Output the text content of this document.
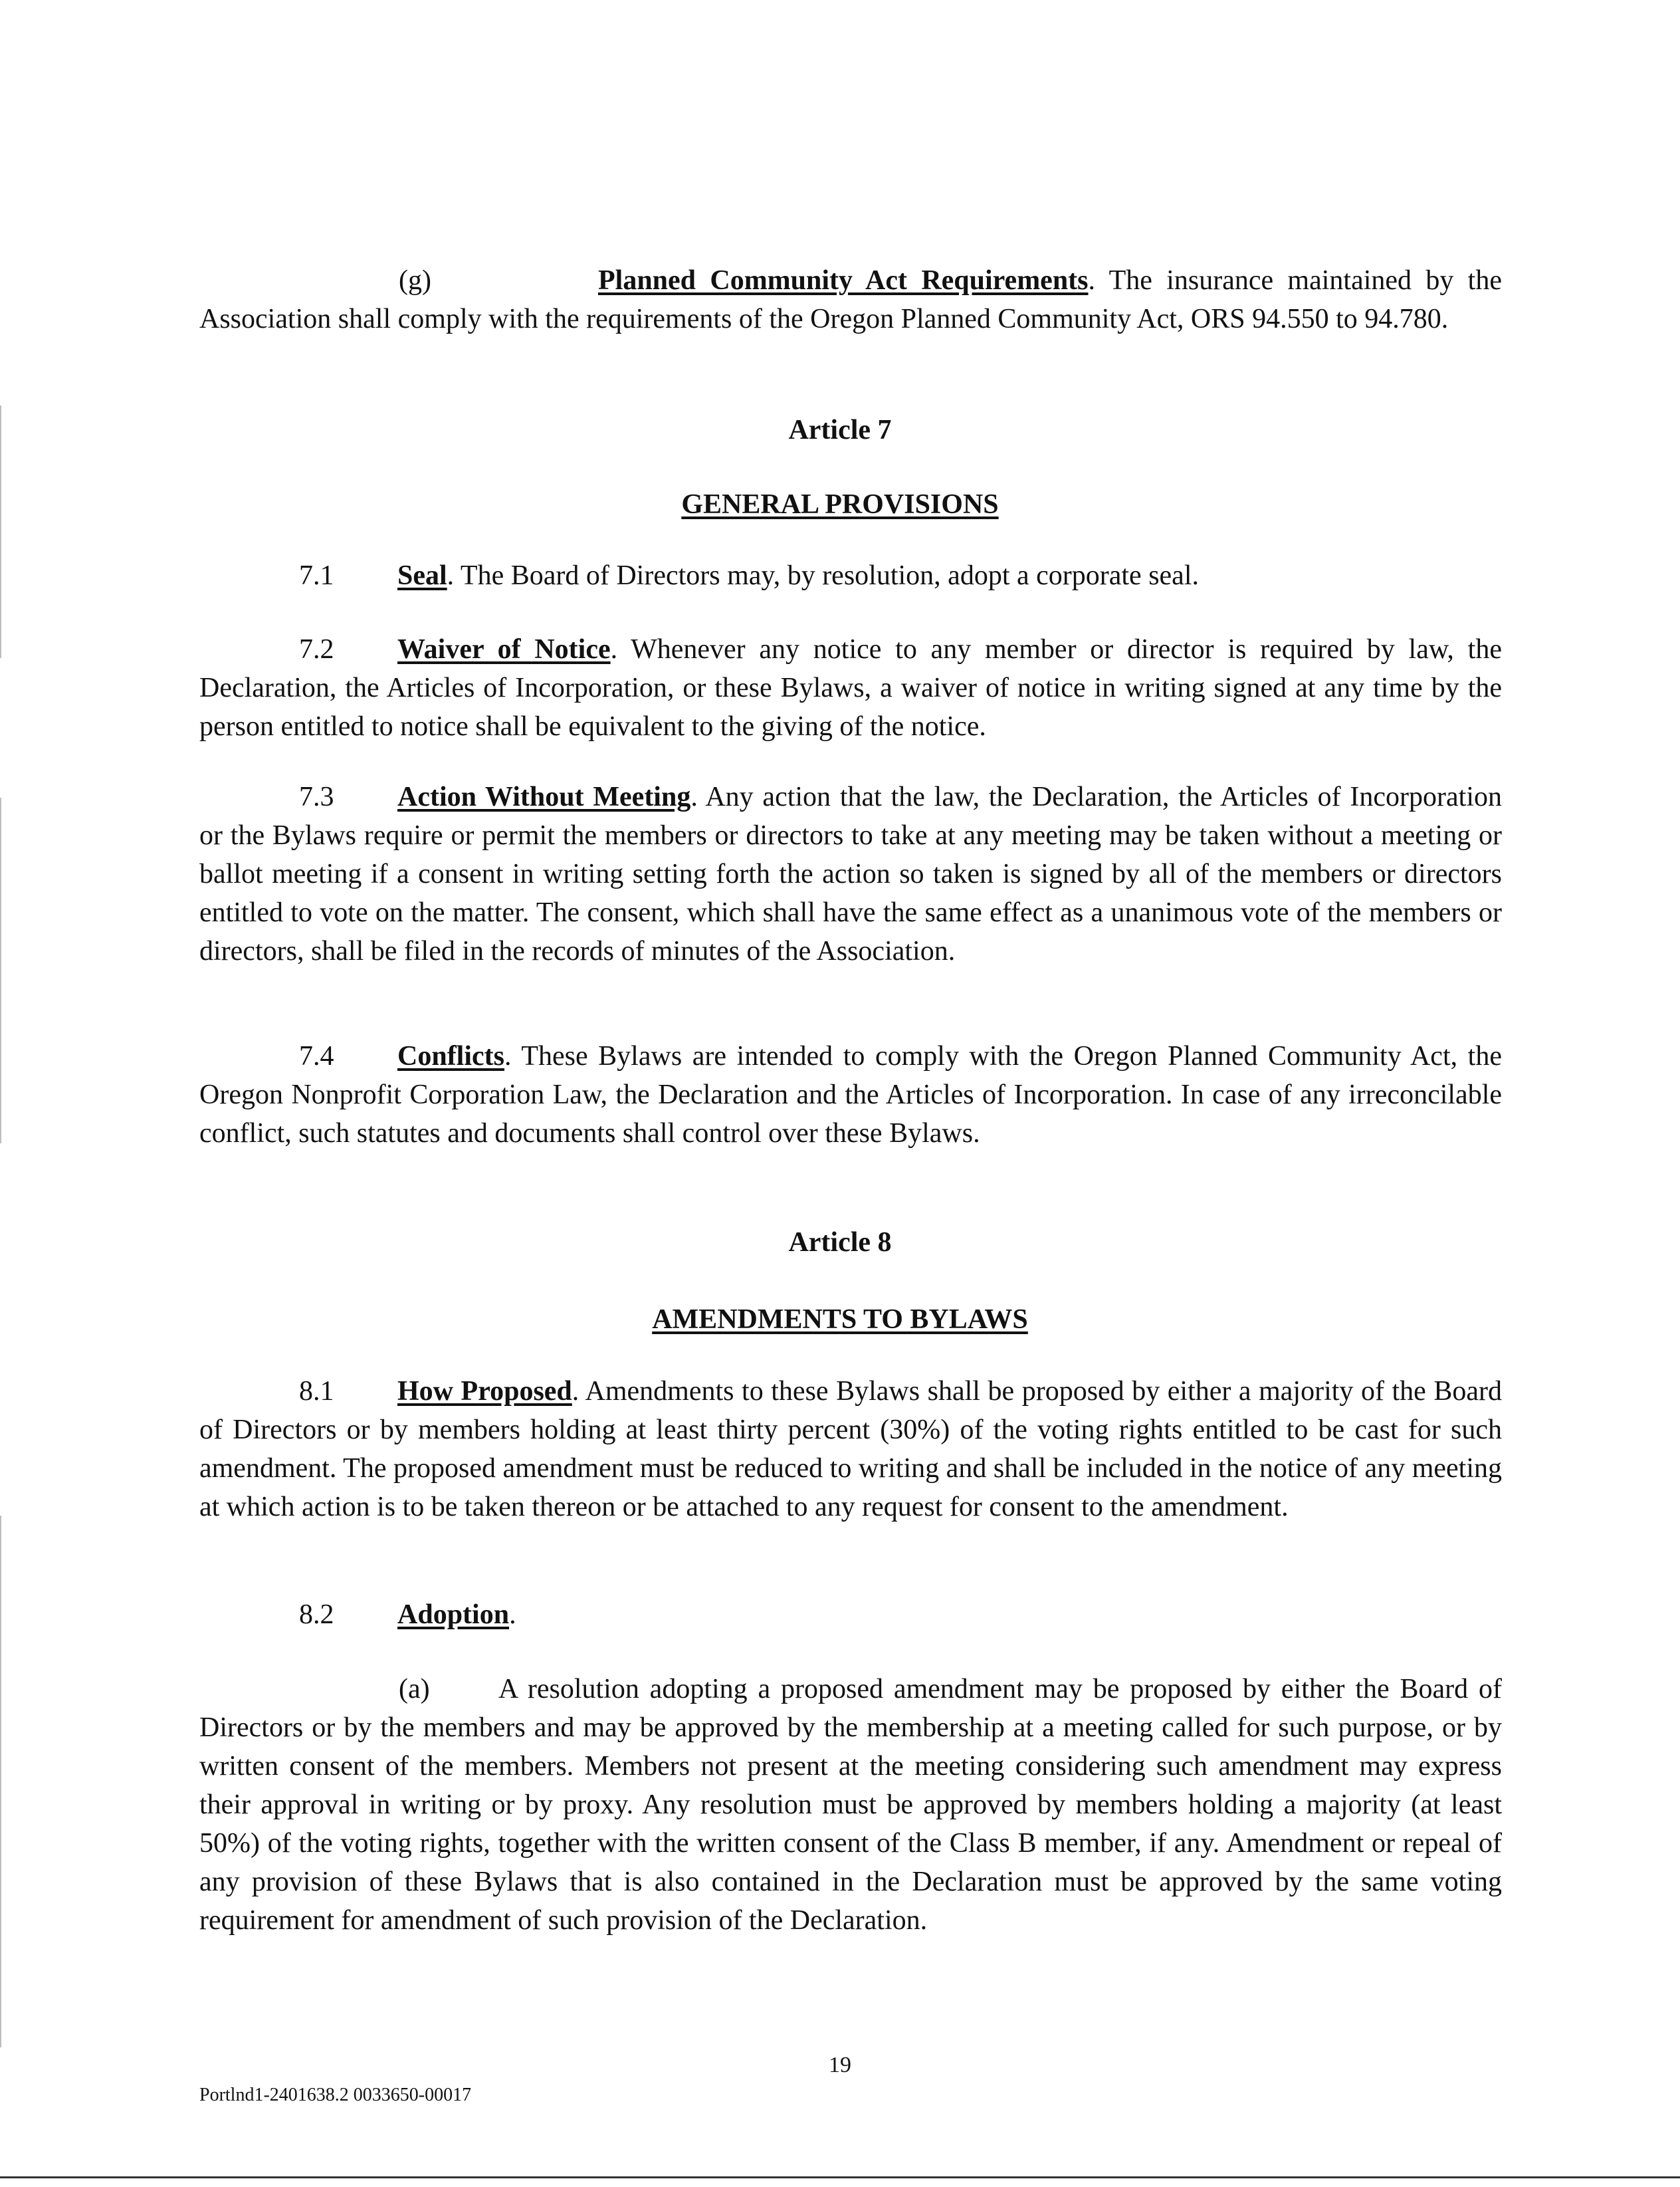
(g)	Planned Community Act Requirements. The insurance maintained by the Association shall comply with the requirements of the Oregon Planned Community Act, ORS 94.550 to 94.780.

Article 7
GENERAL PROVISIONS

7.1 Seal. The Board of Directors may, by resolution, adopt a corporate seal.

7.2 Waiver of Notice. Whenever any notice to any member or director is required by law, the Declaration, the Articles of Incorporation, or these Bylaws, a waiver of notice in writing signed at any time by the person entitled to notice shall be equivalent to the giving of the notice.

7.3 Action Without Meeting. Any action that the law, the Declaration, the Articles of Incorporation or the Bylaws require or permit the members or directors to take at any meeting may be taken without a meeting or ballot meeting if a consent in writing setting forth the action so taken is signed by all of the members or directors entitled to vote on the matter. The consent, which shall have the same effect as a unanimous vote of the members or directors, shall be filed in the records of minutes of the Association.

7.4 Conflicts. These Bylaws are intended to comply with the Oregon Planned Community Act, the Oregon Nonprofit Corporation Law, the Declaration and the Articles of Incorporation. In case of any irreconcilable conflict, such statutes and documents shall control over these Bylaws.

Article 8
AMENDMENTS TO BYLAWS

8.1 How Proposed. Amendments to these Bylaws shall be proposed by either a majority of the Board of Directors or by members holding at least thirty percent (30%) of the voting rights entitled to be cast for such amendment. The proposed amendment must be reduced to writing and shall be included in the notice of any meeting at which action is to be taken thereon or be attached to any request for consent to the amendment.

8.2 Adoption.

(a) A resolution adopting a proposed amendment may be proposed by either the Board of Directors or by the members and may be approved by the membership at a meeting called for such purpose, or by written consent of the members. Members not present at the meeting considering such amendment may express their approval in writing or by proxy. Any resolution must be approved by members holding a majority (at least 50%) of the voting rights, together with the written consent of the Class B member, if any. Amendment or repeal of any provision of these Bylaws that is also contained in the Declaration must be approved by the same voting requirement for amendment of such provision of the Declaration.

19
Portlnd1-2401638.2 0033650-00017
